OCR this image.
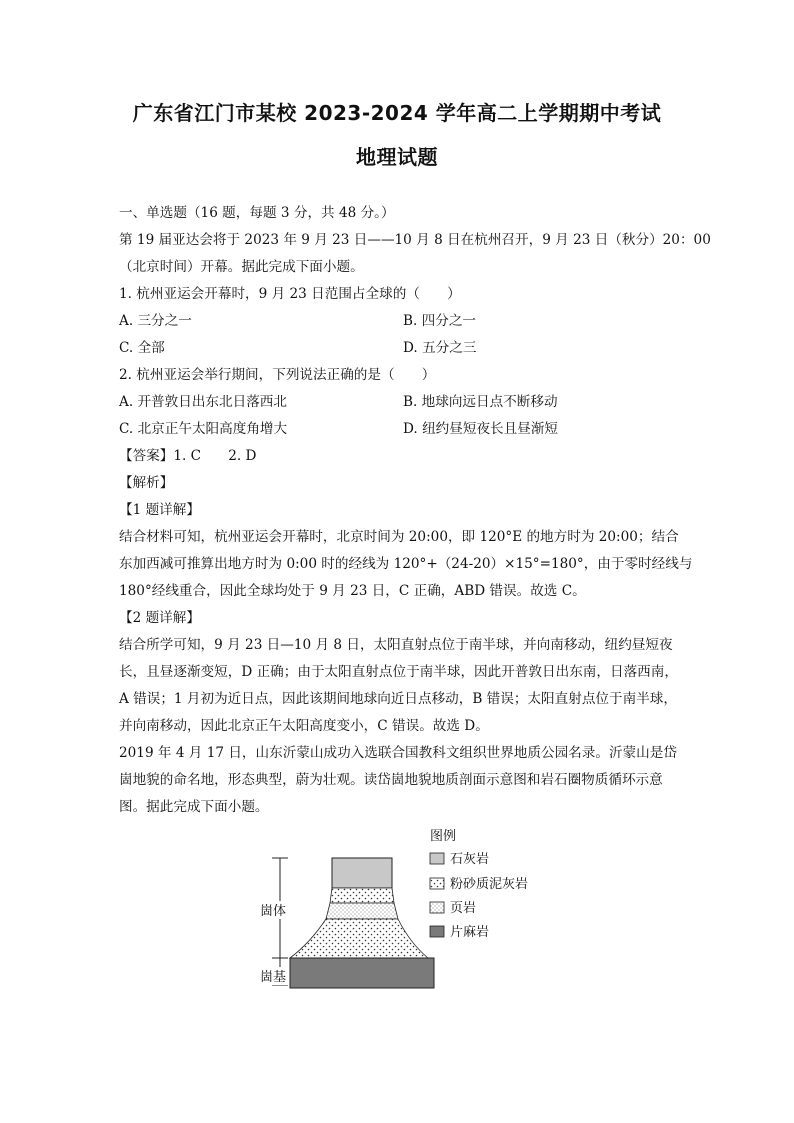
广东省江门市某校 2023-2024 学年高二上学期期中考试
地理试题
一、单选题（16 题，每题 3 分，共 48 分。）
第 19 届亚达会将于 2023 年 9 月 23 日——10 月 8 日在杭州召开，9 月 23 日（秋分）20：00
（北京时间）开幕。据此完成下面小题。
1. 杭州亚运会开幕时，9 月 23 日范围占全球的（　　）
A. 三分之一	B. 四分之一
C. 全部	D. 五分之三
2. 杭州亚运会举行期间，下列说法正确的是（　　）
A. 开普敦日出东北日落西北	B. 地球向远日点不断移动
C. 北京正午太阳高度角增大	D. 纽约昼短夜长且昼渐短
【答案】1. C　　2. D
【解析】
【1 题详解】
结合材料可知，杭州亚运会开幕时，北京时间为 20:00，即 120°E 的地方时为 20:00；结合
东加西减可推算出地方时为 0:00 时的经线为 120°+（24-20）×15°=180°，由于零时经线与
180°经线重合，因此全球均处于 9 月 23 日，C 正确，ABD 错误。故选 C。
【2 题详解】
结合所学可知，9 月 23 日—10 月 8 日，太阳直射点位于南半球，并向南移动，纽约昼短夜
长，且昼逐渐变短，D 正确；由于太阳直射点位于南半球，因此开普敦日出东南，日落西南，
A 错误；1 月初为近日点，因此该期间地球向近日点移动，B 错误；太阳直射点位于南半球，
并向南移动，因此北京正午太阳高度变小，C 错误。故选 D。
2019 年 4 月 17 日，山东沂蒙山成功入选联合国教科文组织世界地质公园名录。沂蒙山是岱
崮地貌的命名地，形态典型，蔚为壮观。读岱崮地貌地质剖面示意图和岩石圈物质循环示意
图。据此完成下面小题。
崮体
崮基
图例
石灰岩
粉砂质泥灰岩
页岩
片麻岩
